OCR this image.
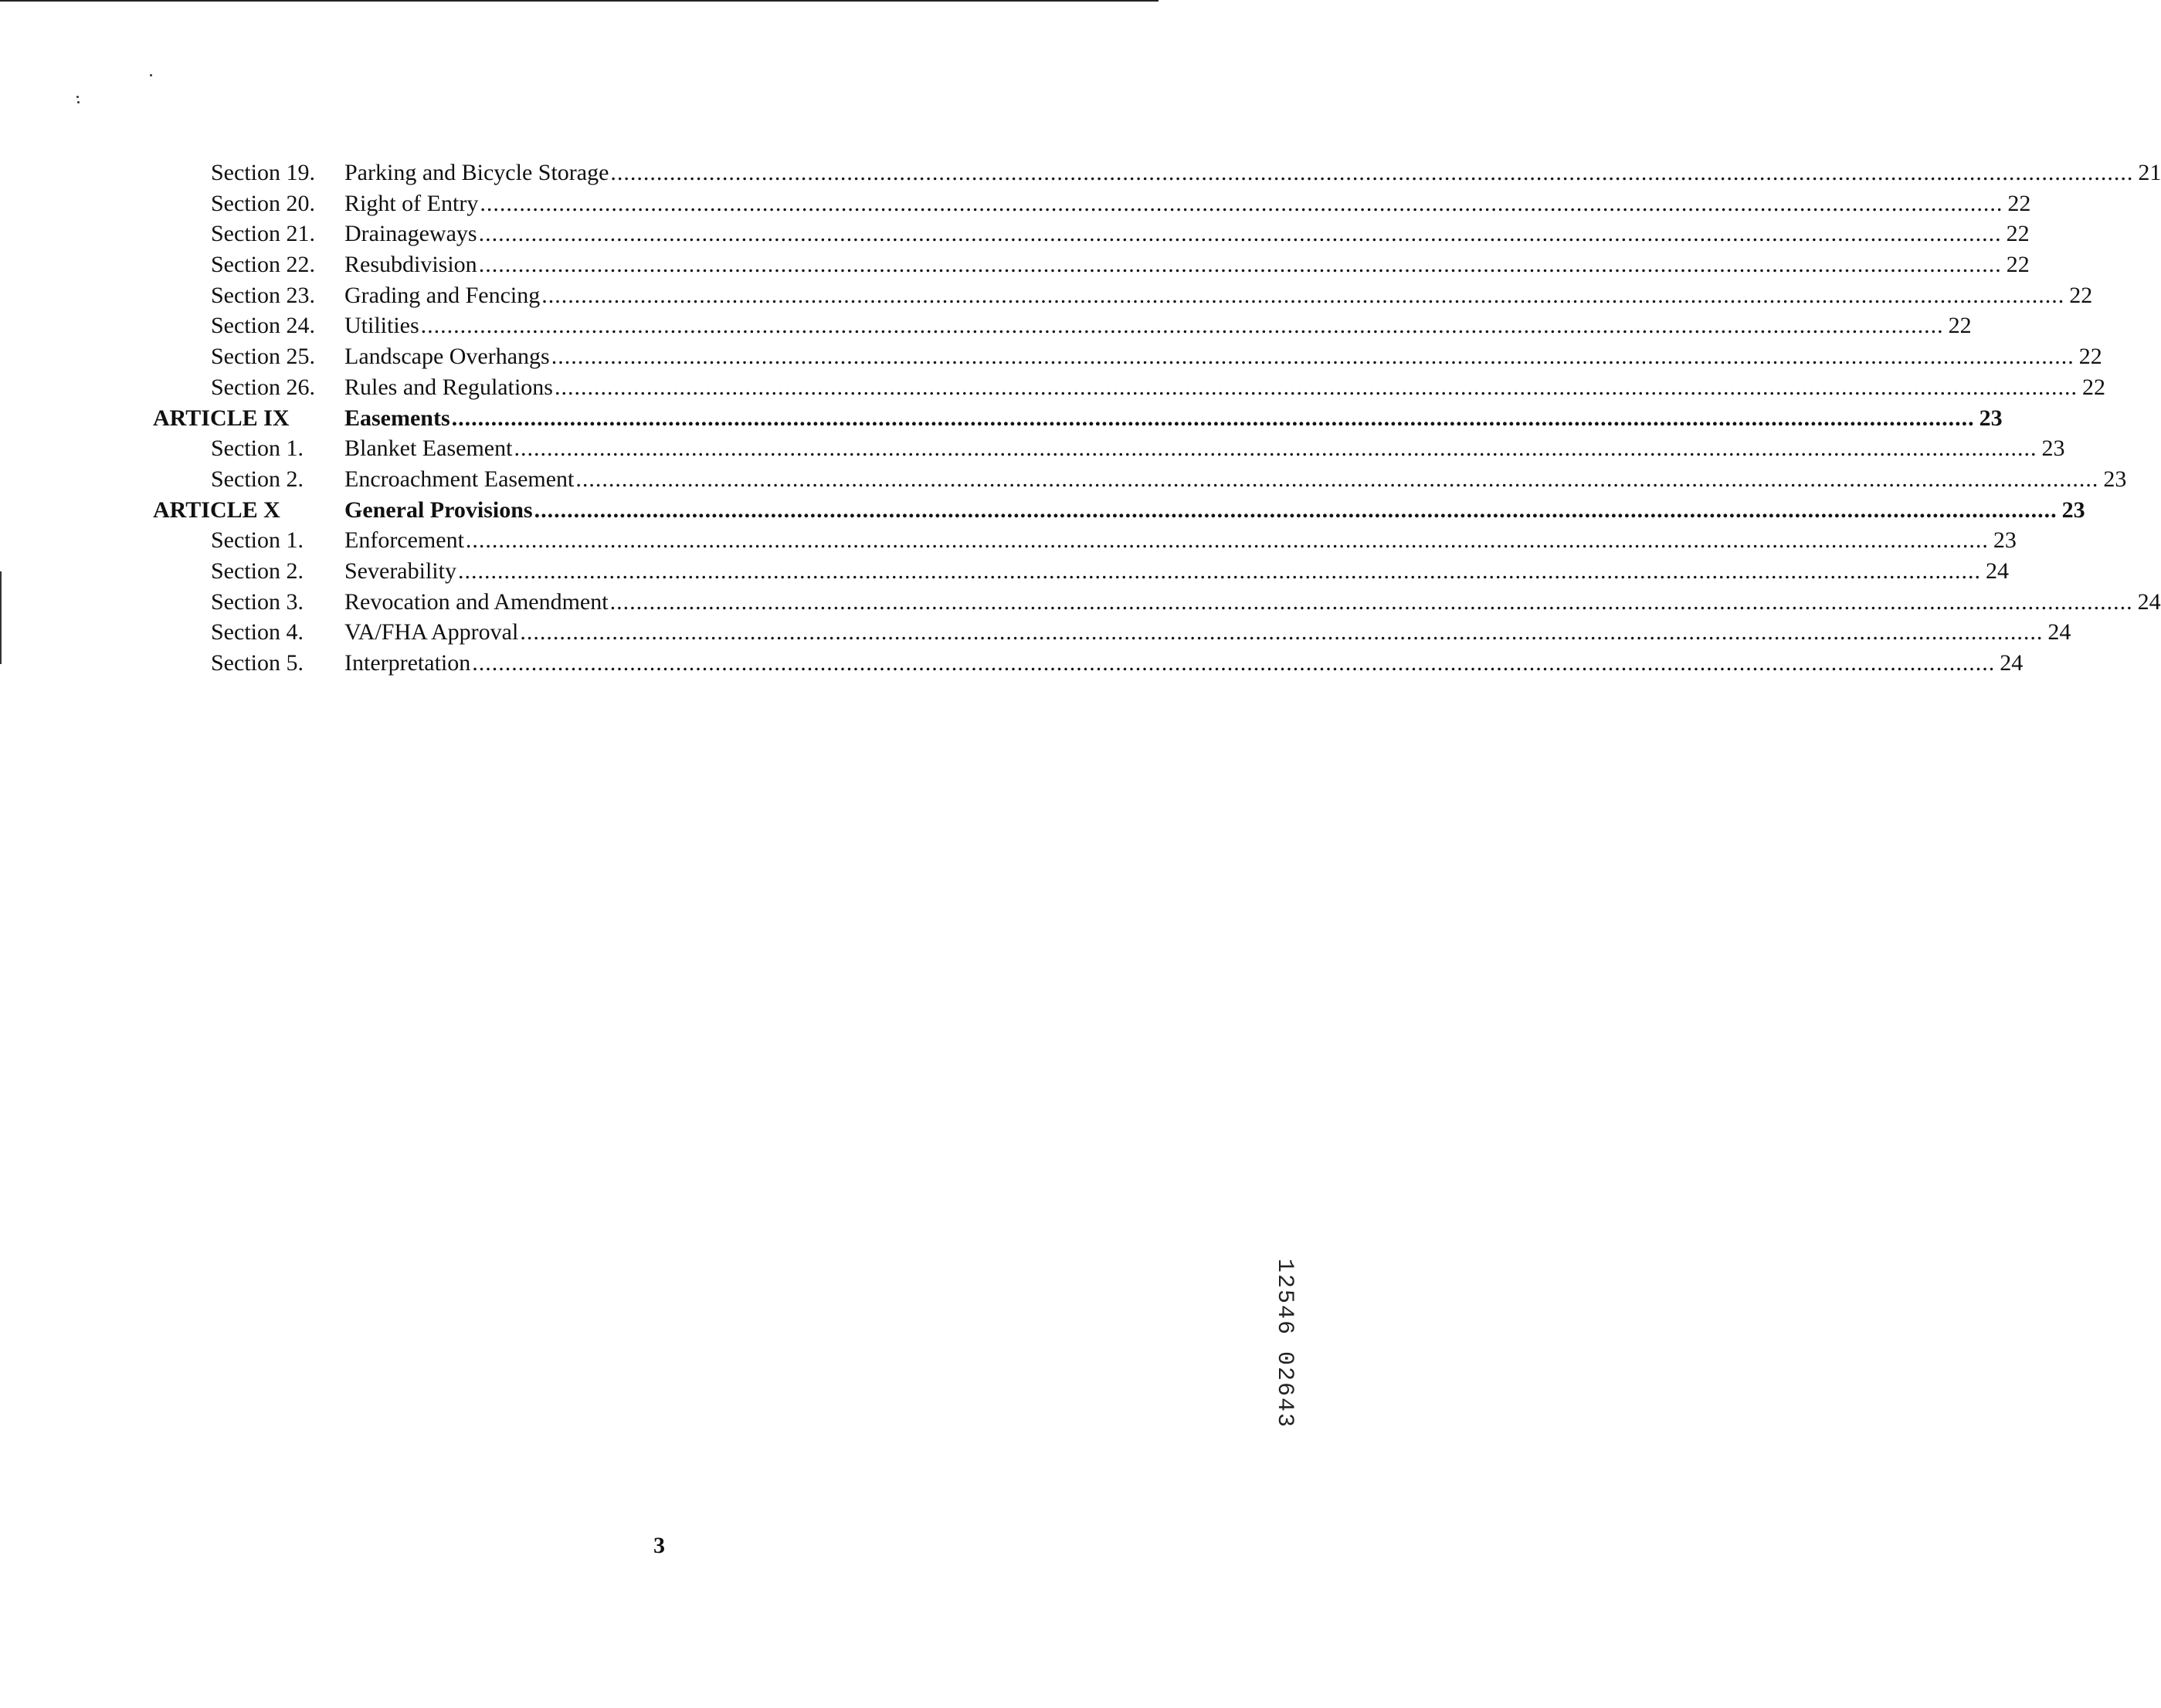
Section 19.	Parking and Bicycle Storage .....	21
Section 20.	Right of Entry .....	22
Section 21.	Drainageways .....	22
Section 22.	Resubdivision .....	22
Section 23.	Grading and Fencing .....	22
Section 24.	Utilities .....	22
Section 25.	Landscape Overhangs .....	22
Section 26.	Rules and Regulations .....	22
ARTICLE IX	Easements .....	23
Section 1.	Blanket Easement .....	23
Section 2.	Encroachment Easement .....	23
ARTICLE X	General Provisions .....	23
Section 1.	Enforcement .....	23
Section 2.	Severability .....	24
Section 3.	Revocation and Amendment .....	24
Section 4.	VA/FHA Approval .....	24
Section 5.	Interpretation .....	24
3
12546 02643
